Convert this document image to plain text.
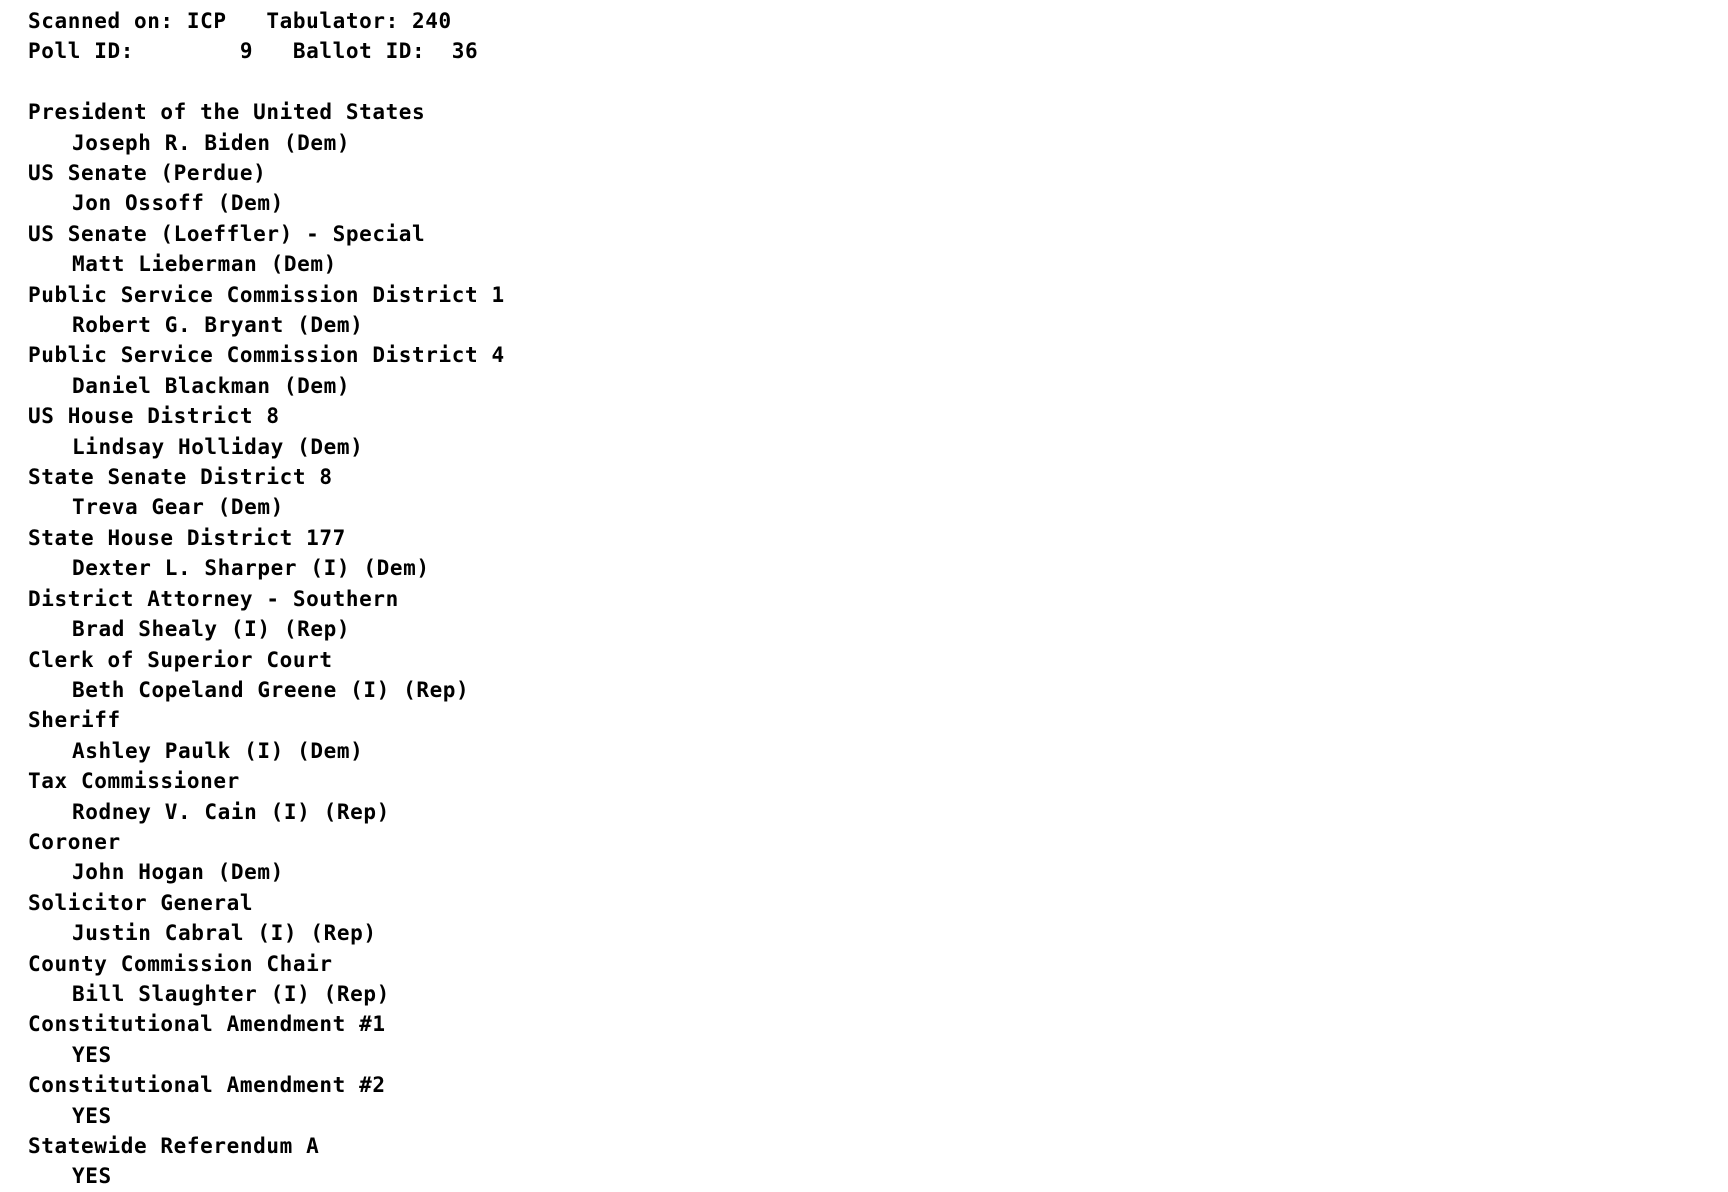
Scanned on: ICP   Tabulator: 240
Poll ID:        9   Ballot ID:  36
President of the United States
Joseph R. Biden (Dem)
US Senate (Perdue)
Jon Ossoff (Dem)
US Senate (Loeffler) - Special
Matt Lieberman (Dem)
Public Service Commission District 1
Robert G. Bryant (Dem)
Public Service Commission District 4
Daniel Blackman (Dem)
US House District 8
Lindsay Holliday (Dem)
State Senate District 8
Treva Gear (Dem)
State House District 177
Dexter L. Sharper (I) (Dem)
District Attorney - Southern
Brad Shealy (I) (Rep)
Clerk of Superior Court
Beth Copeland Greene (I) (Rep)
Sheriff
Ashley Paulk (I) (Dem)
Tax Commissioner
Rodney V. Cain (I) (Rep)
Coroner
John Hogan (Dem)
Solicitor General
Justin Cabral (I) (Rep)
County Commission Chair
Bill Slaughter (I) (Rep)
Constitutional Amendment #1
YES
Constitutional Amendment #2
YES
Statewide Referendum A
YES
